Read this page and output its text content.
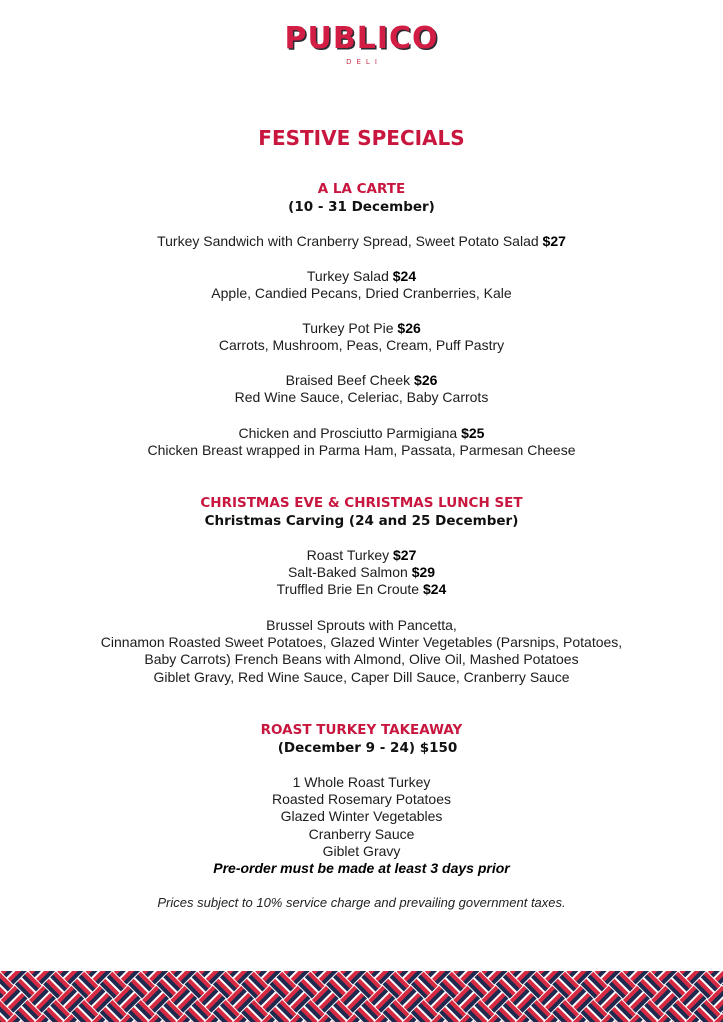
PUBLICO
DELI
FESTIVE SPECIALS
A LA CARTE
(10 - 31 December)
Turkey Sandwich with Cranberry Spread, Sweet Potato Salad $27
Turkey Salad $24
Apple, Candied Pecans, Dried Cranberries, Kale
Turkey Pot Pie $26
Carrots, Mushroom, Peas, Cream, Puff Pastry
Braised Beef Cheek $26
Red Wine Sauce, Celeriac, Baby Carrots
Chicken and Prosciutto Parmigiana $25
Chicken Breast wrapped in Parma Ham, Passata, Parmesan Cheese
CHRISTMAS EVE & CHRISTMAS LUNCH SET
Christmas Carving (24 and 25 December)
Roast Turkey $27
Salt-Baked Salmon $29
Truffled Brie En Croute $24
Brussel Sprouts with Pancetta,
Cinnamon Roasted Sweet Potatoes, Glazed Winter Vegetables (Parsnips, Potatoes,
Baby Carrots) French Beans with Almond, Olive Oil, Mashed Potatoes
Giblet Gravy, Red Wine Sauce, Caper Dill Sauce, Cranberry Sauce
ROAST TURKEY TAKEAWAY
(December 9 - 24) $150
1 Whole Roast Turkey
Roasted Rosemary Potatoes
Glazed Winter Vegetables
Cranberry Sauce
Giblet Gravy
Pre-order must be made at least 3 days prior
Prices subject to 10% service charge and prevailing government taxes.
